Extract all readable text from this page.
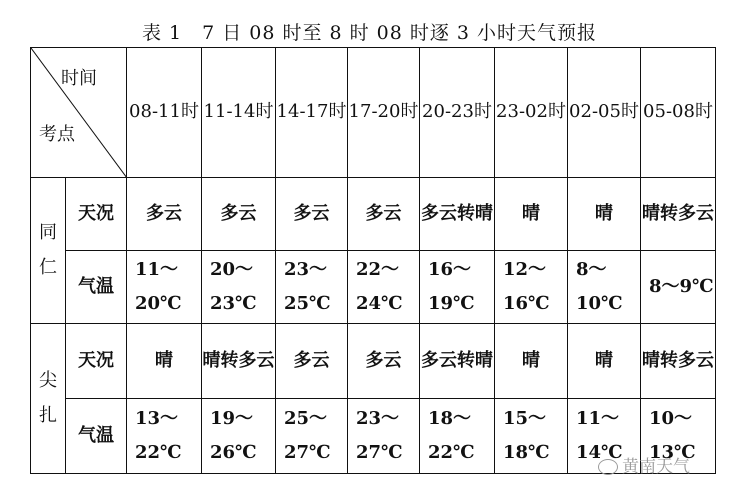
表 1　7 日 08 时至 8 时 08 时逐 3 小时天气预报
时间
考点		08-11时	11-14时	14-17时	17-20时	20-23时	23-02时	02-05时	05-08时
同仁	天况	多云	多云	多云	多云	多云转晴	晴	晴	晴转多云
	气温	11～20℃	20～23℃	23～25℃	22～24℃	16～19℃	12～16℃	8～10℃	8～9℃
尖扎	天况	晴	晴转多云	多云	多云	多云转晴	晴	晴	晴转多云
	气温	13～22℃	19～26℃	25～27℃	23～27℃	18～22℃	15～18℃	11～14℃	10～13℃
黄南天气
